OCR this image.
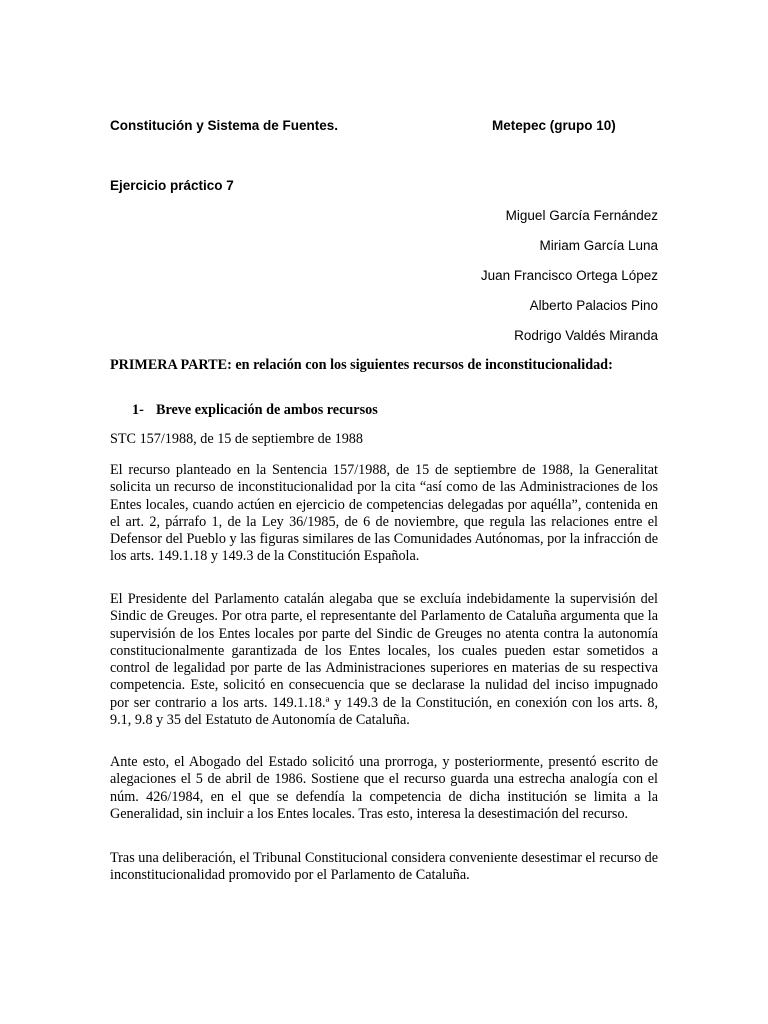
Constitución y Sistema de Fuentes.	Metepec (grupo 10)
Ejercicio práctico 7
Miguel García Fernández
Miriam García Luna
Juan Francisco Ortega López
Alberto Palacios Pino
Rodrigo Valdés Miranda
PRIMERA PARTE: en relación con los siguientes recursos de inconstitucionalidad:
1- Breve explicación de ambos recursos
STC 157/1988, de 15 de septiembre de 1988
El recurso planteado en la Sentencia 157/1988, de 15 de septiembre de 1988, la Generalitat solicita un recurso de inconstitucionalidad por la cita “así como de las Administraciones de los Entes locales, cuando actúen en ejercicio de competencias delegadas por aquélla”, contenida en el art. 2, párrafo 1, de la Ley 36/1985, de 6 de noviembre, que regula las relaciones entre el Defensor del Pueblo y las figuras similares de las Comunidades Autónomas, por la infracción de los arts. 149.1.18 y 149.3 de la Constitución Española.
El Presidente del Parlamento catalán alegaba que se excluía indebidamente la supervisión del Sindic de Greuges. Por otra parte, el representante del Parlamento de Cataluña argumenta que la supervisión de los Entes locales por parte del Sindic de Greuges no atenta contra la autonomía constitucionalmente garantizada de los Entes locales, los cuales pueden estar sometidos a control de legalidad por parte de las Administraciones superiores en materias de su respectiva competencia. Este, solicitó en consecuencia que se declarase la nulidad del inciso impugnado por ser contrario a los arts. 149.1.18.ª y 149.3 de la Constitución, en conexión con los arts. 8, 9.1, 9.8 y 35 del Estatuto de Autonomía de Cataluña.
Ante esto, el Abogado del Estado solicitó una prorroga, y posteriormente, presentó escrito de alegaciones el 5 de abril de 1986. Sostiene que el recurso guarda una estrecha analogía con el núm. 426/1984, en el que se defendía la competencia de dicha institución se limita a la Generalidad, sin incluir a los Entes locales. Tras esto, interesa la desestimación del recurso.
Tras una deliberación, el Tribunal Constitucional considera conveniente desestimar el recurso de inconstitucionalidad promovido por el Parlamento de Cataluña.
